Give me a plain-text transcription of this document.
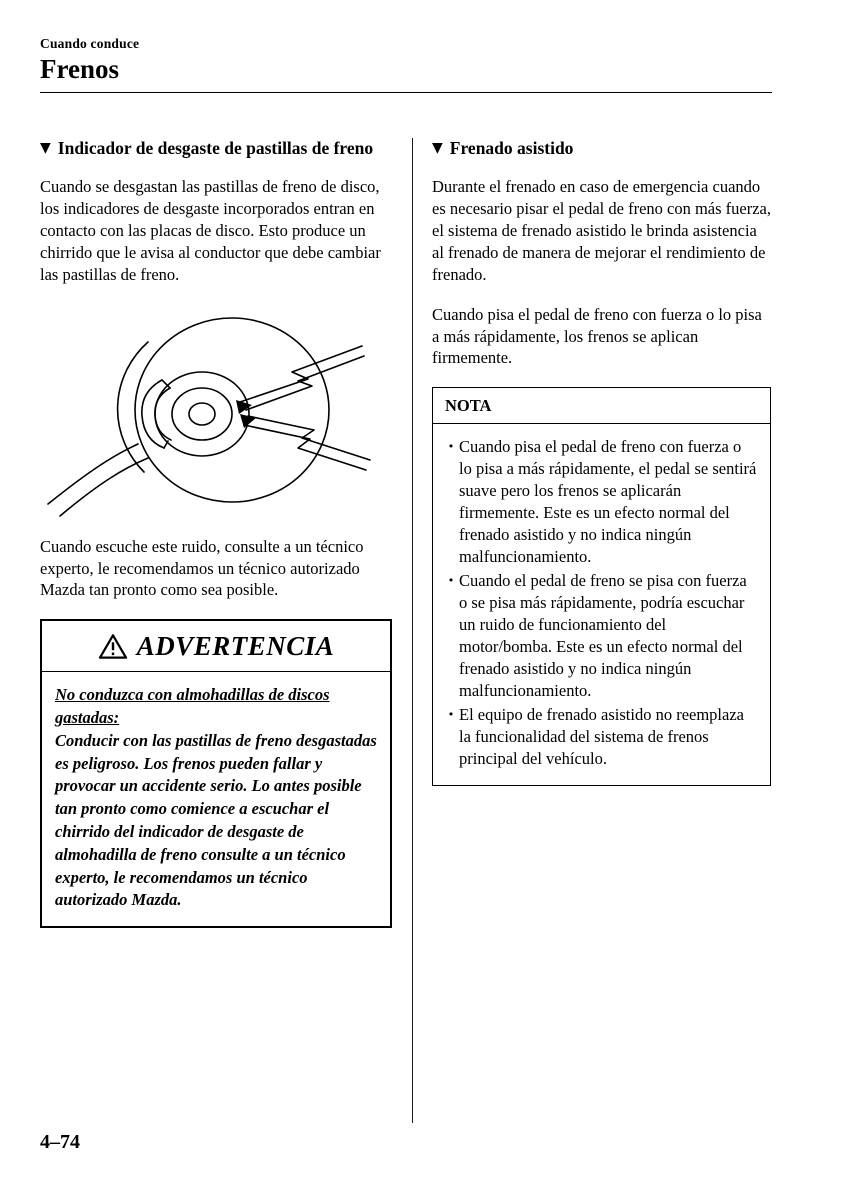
Cuando conduce
Frenos
▼ Indicador de desgaste de pastillas de freno

Cuando se desgastan las pastillas de freno de disco, los indicadores de desgaste incorporados entran en contacto con las placas de disco. Esto produce un chirrido que le avisa al conductor que debe cambiar las pastillas de freno.

Cuando escuche este ruido, consulte a un técnico experto, le recomendamos un técnico autorizado Mazda tan pronto como sea posible.

ADVERTENCIA
No conduzca con almohadillas de discos gastadas:
Conducir con las pastillas de freno desgastadas es peligroso. Los frenos pueden fallar y provocar un accidente serio. Lo antes posible tan pronto como comience a escuchar el chirrido del indicador de desgaste de almohadilla de freno consulte a un técnico experto, le recomendamos un técnico autorizado Mazda.
▼ Frenado asistido

Durante el frenado en caso de emergencia cuando es necesario pisar el pedal de freno con más fuerza, el sistema de frenado asistido le brinda asistencia al frenado de manera de mejorar el rendimiento de frenado.

Cuando pisa el pedal de freno con fuerza o lo pisa a más rápidamente, los frenos se aplican firmemente.

NOTA
• Cuando pisa el pedal de freno con fuerza o lo pisa a más rápidamente, el pedal se sentirá suave pero los frenos se aplicarán firmemente. Este es un efecto normal del frenado asistido y no indica ningún malfuncionamiento.
• Cuando el pedal de freno se pisa con fuerza o se pisa más rápidamente, podría escuchar un ruido de funcionamiento del motor/bomba. Este es un efecto normal del frenado asistido y no indica ningún malfuncionamiento.
• El equipo de frenado asistido no reemplaza la funcionalidad del sistema de frenos principal del vehículo.
4–74
